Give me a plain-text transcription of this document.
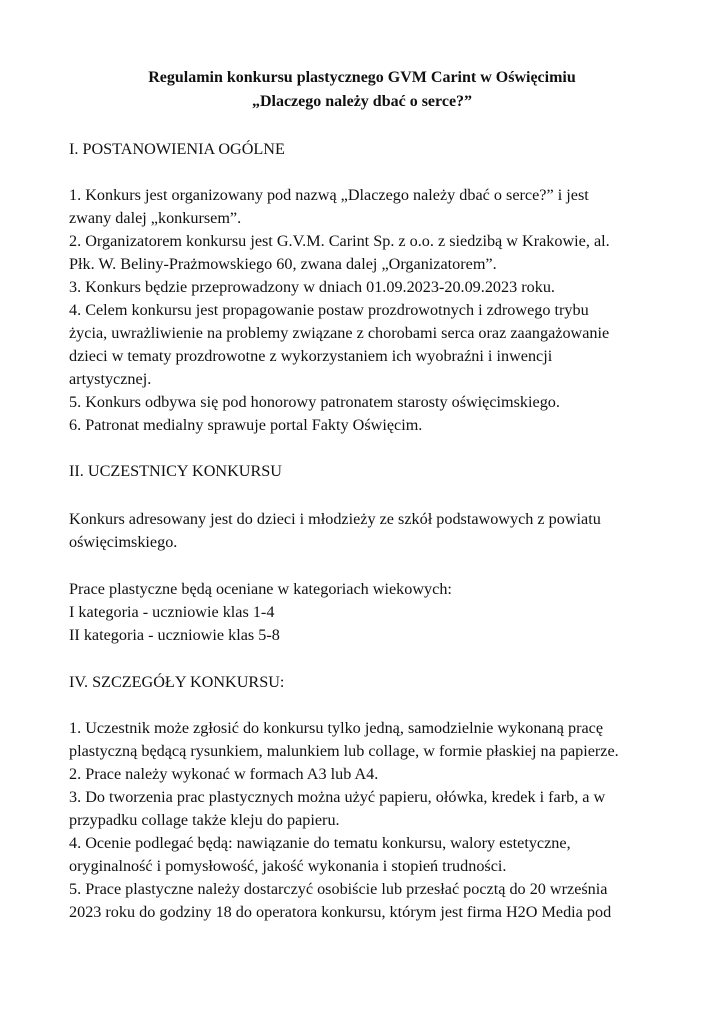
Regulamin konkursu plastycznego GVM Carint w Oświęcimiu
„Dlaczego należy dbać o serce?”
I. POSTANOWIENIA OGÓLNE
1. Konkurs jest organizowany pod nazwą „Dlaczego należy dbać o serce?” i jest
zwany dalej „konkursem”.
2. Organizatorem konkursu jest G.V.M. Carint Sp. z o.o. z siedzibą w Krakowie, al.
Płk. W. Beliny-Prażmowskiego 60, zwana dalej „Organizatorem”.
3. Konkurs będzie przeprowadzony w dniach 01.09.2023-20.09.2023 roku.
4. Celem konkursu jest propagowanie postaw prozdrowotnych i zdrowego trybu
życia, uwrażliwienie na problemy związane z chorobami serca oraz zaangażowanie
dzieci w tematy prozdrowotne z wykorzystaniem ich wyobraźni i inwencji
artystycznej.
5. Konkurs odbywa się pod honorowy patronatem starosty oświęcimskiego.
6. Patronat medialny sprawuje portal Fakty Oświęcim.
II. UCZESTNICY KONKURSU
Konkurs adresowany jest do dzieci i młodzieży ze szkół podstawowych z powiatu
oświęcimskiego.
Prace plastyczne będą oceniane w kategoriach wiekowych:
I kategoria - uczniowie klas 1-4
II kategoria - uczniowie klas 5-8
IV. SZCZEGÓŁY KONKURSU:
1. Uczestnik może zgłosić do konkursu tylko jedną, samodzielnie wykonaną pracę
plastyczną będącą rysunkiem, malunkiem lub collage, w formie płaskiej na papierze.
2. Prace należy wykonać w formach A3 lub A4.
3. Do tworzenia prac plastycznych można użyć papieru, ołówka, kredek i farb, a w
przypadku collage także kleju do papieru.
4. Ocenie podlegać będą: nawiązanie do tematu konkursu, walory estetyczne,
oryginalność i pomysłowość, jakość wykonania i stopień trudności.
5. Prace plastyczne należy dostarczyć osobiście lub przesłać pocztą do 20 września
2023 roku do godziny 18 do operatora konkursu, którym jest firma H2O Media pod
